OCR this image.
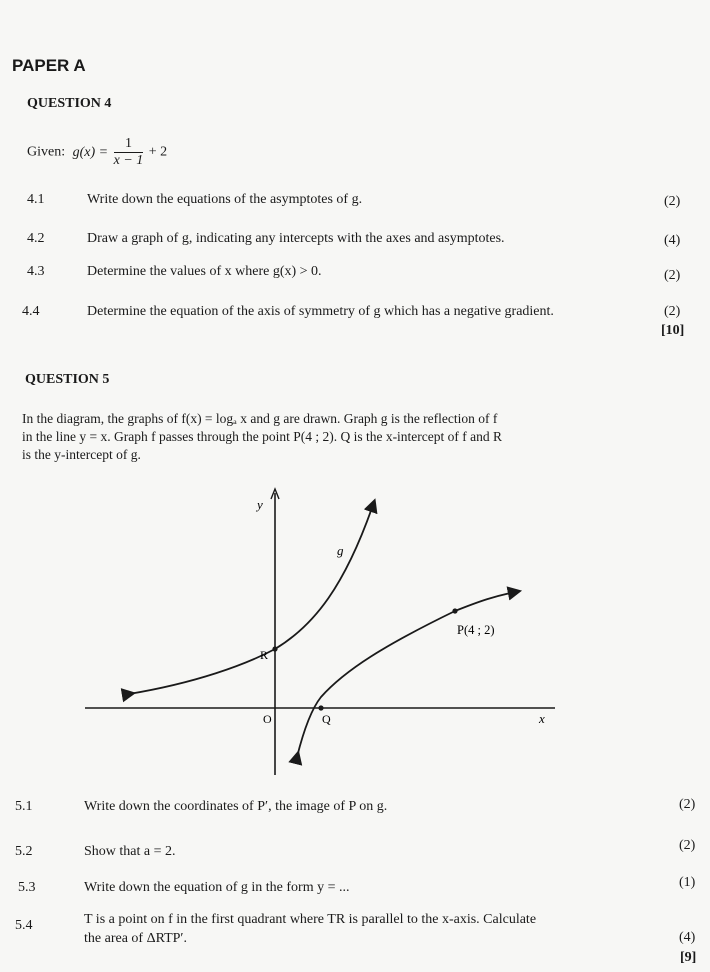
PAPER A
QUESTION 4
Given: $g(x) = \frac{1}{x - 1} + 2$
4.1	Write down the equations of the asymptotes of g.	(2)
4.2	Draw a graph of g, indicating any intercepts with the axes and asymptotes.	(4)
4.3	Determine the values of x where g(x) > 0.	(2)
4.4	Determine the equation of the axis of symmetry of g which has a negative gradient.	(2)
[10]
QUESTION 5
In the diagram, the graphs of f(x) = logₐ x and g are drawn. Graph g is the reflection of f
in the line y = x. Graph f passes through the point P(4 ; 2). Q is the x-intercept of f and R
is the y-intercept of g.
y
x
O	Q
R
g
P(4 ; 2)
5.1	Write down the coordinates of P′, the image of P on g.	(2)
5.2	Show that a = 2.	(2)
5.3	Write down the equation of g in the form y = ...	(1)
5.4	T is a point on f in the first quadrant where TR is parallel to the x-axis. Calculate
the area of ΔRTP′.	(4)
[9]
